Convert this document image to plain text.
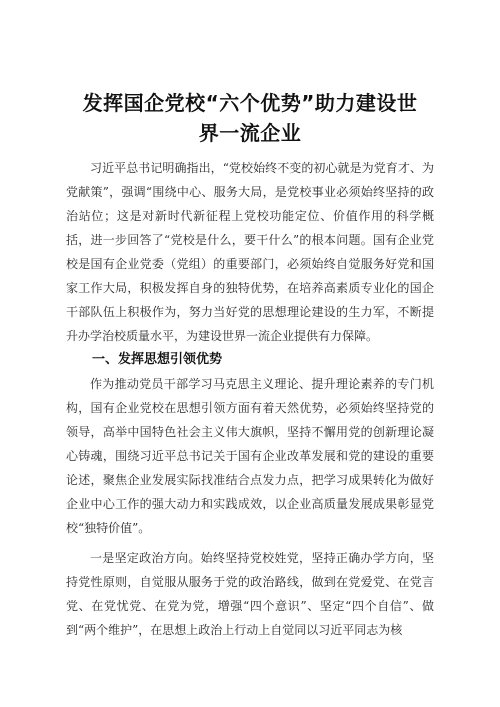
发挥国企党校“六个优势”助力建设世界一流企业

习近平总书记明确指出，“党校始终不变的初心就是为党育才、为党献策”，强调“围绕中心、服务大局，是党校事业必须始终坚持的政治站位；这是对新时代新征程上党校功能定位、价值作用的科学概括，进一步回答了“党校是什么，要干什么”的根本问题。国有企业党校是国有企业党委（党组）的重要部门，必须始终自觉服务好党和国家工作大局，积极发挥自身的独特优势，在培养高素质专业化的国企干部队伍上积极作为，努力当好党的思想理论建设的生力军，不断提升办学治校质量水平，为建设世界一流企业提供有力保障。

一、发挥思想引领优势

作为推动党员干部学习马克思主义理论、提升理论素养的专门机构，国有企业党校在思想引领方面有着天然优势，必须始终坚持党的领导，高举中国特色社会主义伟大旗帜，坚持不懈用党的创新理论凝心铸魂，围绕习近平总书记关于国有企业改革发展和党的建设的重要论述，聚焦企业发展实际找准结合点发力点，把学习成果转化为做好企业中心工作的强大动力和实践成效，以企业高质量发展成果彰显党校“独特价值”。

一是坚定政治方向。始终坚持党校姓党，坚持正确办学方向，坚持党性原则，自觉服从服务于党的政治路线，做到在党爱党、在党言党、在党忧党、在党为党，增强“四个意识”、坚定“四个自信”、做到“两个维护”，在思想上政治上行动上自觉同以习近平同志为核
